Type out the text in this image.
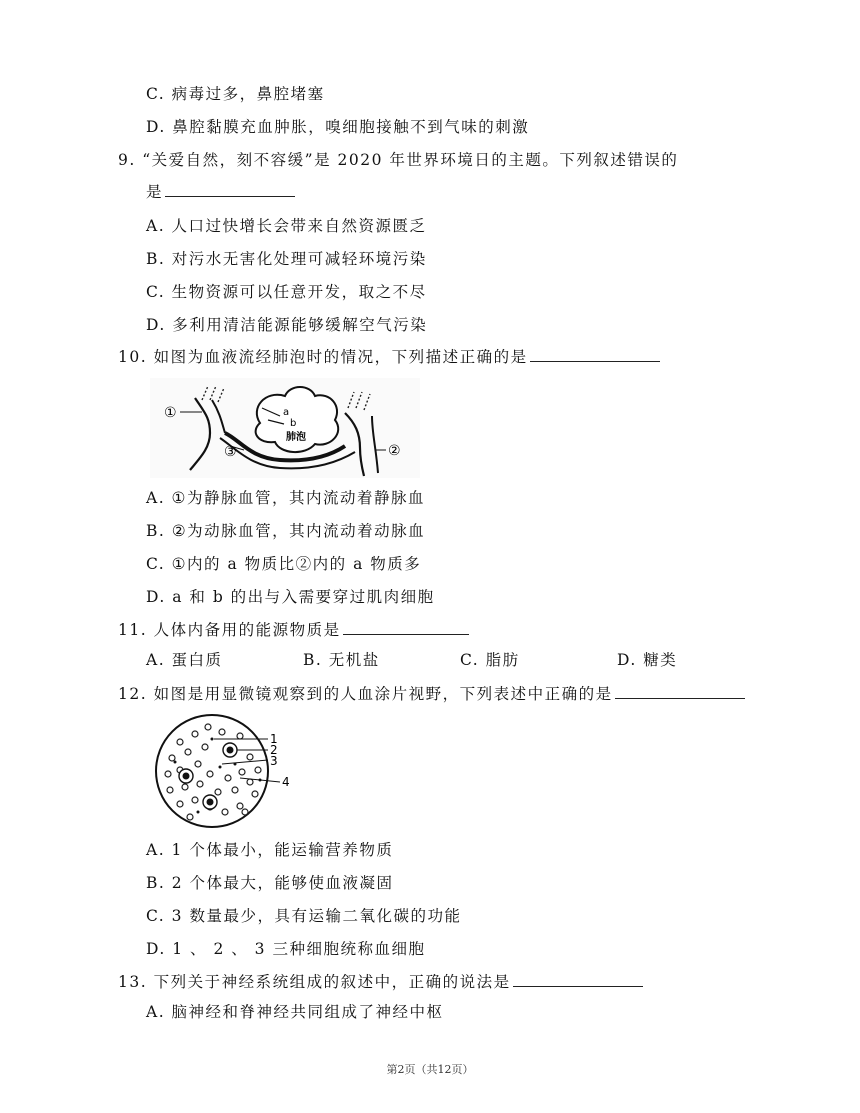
C. 病毒过多，鼻腔堵塞
D. 鼻腔黏膜充血肿胀，嗅细胞接触不到气味的刺激
9. “关爱自然，刻不容缓”是 2020 年世界环境日的主题。下列叙述错误的
是
A. 人口过快增长会带来自然资源匮乏
B. 对污水无害化处理可减轻环境污染
C. 生物资源可以任意开发，取之不尽
D. 多利用清洁能源能够缓解空气污染
10. 如图为血液流经肺泡时的情况，下列描述正确的是
a
b
肺泡
①
③	②
A. ①为静脉血管，其内流动着静脉血
B. ②为动脉血管，其内流动着动脉血
C. ①内的 a 物质比②内的 a 物质多
D. a 和 b 的出与入需要穿过肌肉细胞
11. 人体内备用的能源物质是
A. 蛋白质	B. 无机盐	C. 脂肪	D. 糖类
12. 如图是用显微镜观察到的人血涂片视野，下列表述中正确的是
1
2
3
4
A. 1 个体最小，能运输营养物质
B. 2 个体最大，能够使血液凝固
C. 3 数量最少，具有运输二氧化碳的功能
D. 1 、 2 、 3 三种细胞统称血细胞
13. 下列关于神经系统组成的叙述中，正确的说法是
A. 脑神经和脊神经共同组成了神经中枢
第2页（共12页）
